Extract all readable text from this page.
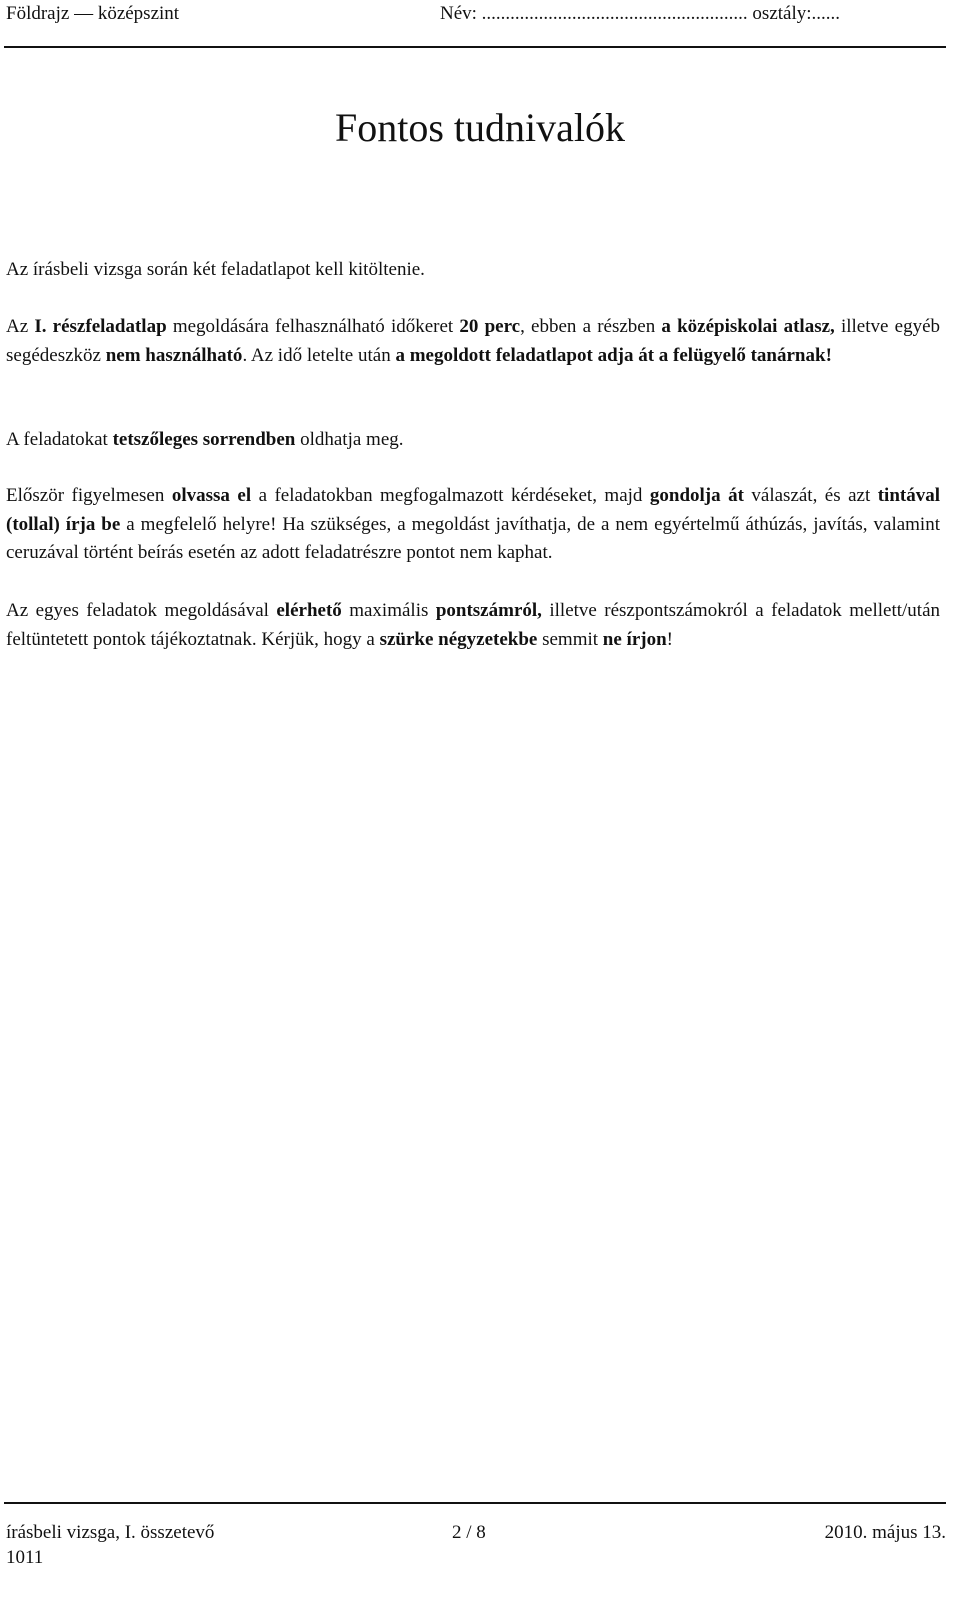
Földrajz — középszint	Név: ........................................................ osztály:......
Fontos tudnivalók

Az írásbeli vizsga során két feladatlapot kell kitöltenie.

Az I. részfeladatlap megoldására felhasználható időkeret 20 perc, ebben a részben a középiskolai atlasz, illetve egyéb segédeszköz nem használható. Az idő letelte után a megoldott feladatlapot adja át a felügyelő tanárnak!

A feladatokat tetszőleges sorrendben oldhatja meg.

Először figyelmesen olvassa el a feladatokban megfogalmazott kérdéseket, majd gondolja át válaszát, és azt tintával (tollal) írja be a megfelelő helyre! Ha szükséges, a megoldást javíthatja, de a nem egyértelmű áthúzás, javítás, valamint ceruzával történt beírás esetén az adott feladatrészre pontot nem kaphat.

Az egyes feladatok megoldásával elérhető maximális pontszámról, illetve részpontszámokról a feladatok mellett/után feltüntetett pontok tájékoztatnak. Kérjük, hogy a szürke négyzetekbe semmit ne írjon!

írásbeli vizsga, I. összetevő	2 / 8	2010. május 13.
1011
